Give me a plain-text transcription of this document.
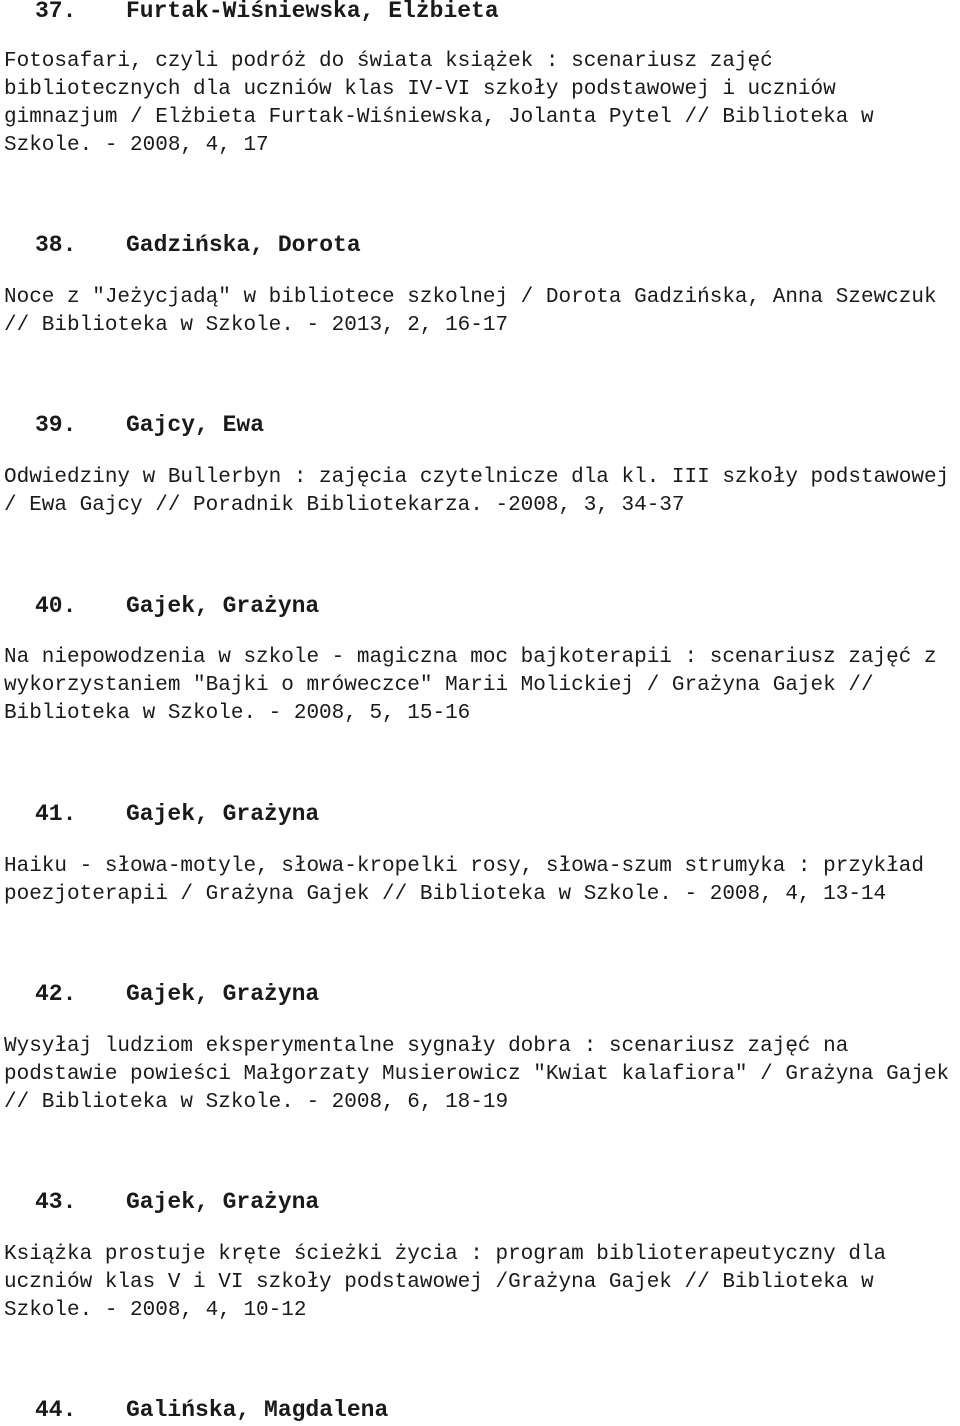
37. Furtak-Wiśniewska, Elżbieta

Fotosafari, czyli podróż do świata książek : scenariusz zajęć
bibliotecznych dla uczniów klas IV-VI szkoły podstawowej i uczniów
gimnazjum / Elżbieta Furtak-Wiśniewska, Jolanta Pytel // Biblioteka w
Szkole. - 2008, 4, 17

38. Gadzińska, Dorota

Noce z "Jeżycjadą" w bibliotece szkolnej / Dorota Gadzińska, Anna Szewczuk
// Biblioteka w Szkole. - 2013, 2, 16-17

39. Gajcy, Ewa

Odwiedziny w Bullerbyn : zajęcia czytelnicze dla kl. III szkoły podstawowej
/ Ewa Gajcy // Poradnik Bibliotekarza. -2008, 3, 34-37

40. Gajek, Grażyna

Na niepowodzenia w szkole - magiczna moc bajkoterapii : scenariusz zajęć z
wykorzystaniem "Bajki o mróweczce" Marii Molickiej / Grażyna Gajek //
Biblioteka w Szkole. - 2008, 5, 15-16

41. Gajek, Grażyna

Haiku - słowa-motyle, słowa-kropelki rosy, słowa-szum strumyka : przykład
poezjoterapii / Grażyna Gajek // Biblioteka w Szkole. - 2008, 4, 13-14

42. Gajek, Grażyna

Wysyłaj ludziom eksperymentalne sygnały dobra : scenariusz zajęć na
podstawie powieści Małgorzaty Musierowicz "Kwiat kalafiora" / Grażyna Gajek
// Biblioteka w Szkole. - 2008, 6, 18-19

43. Gajek, Grażyna

Książka prostuje kręte ścieżki życia : program biblioterapeutyczny dla
uczniów klas V i VI szkoły podstawowej /Grażyna Gajek // Biblioteka w
Szkole. - 2008, 4, 10-12

44. Galińska, Magdalena
